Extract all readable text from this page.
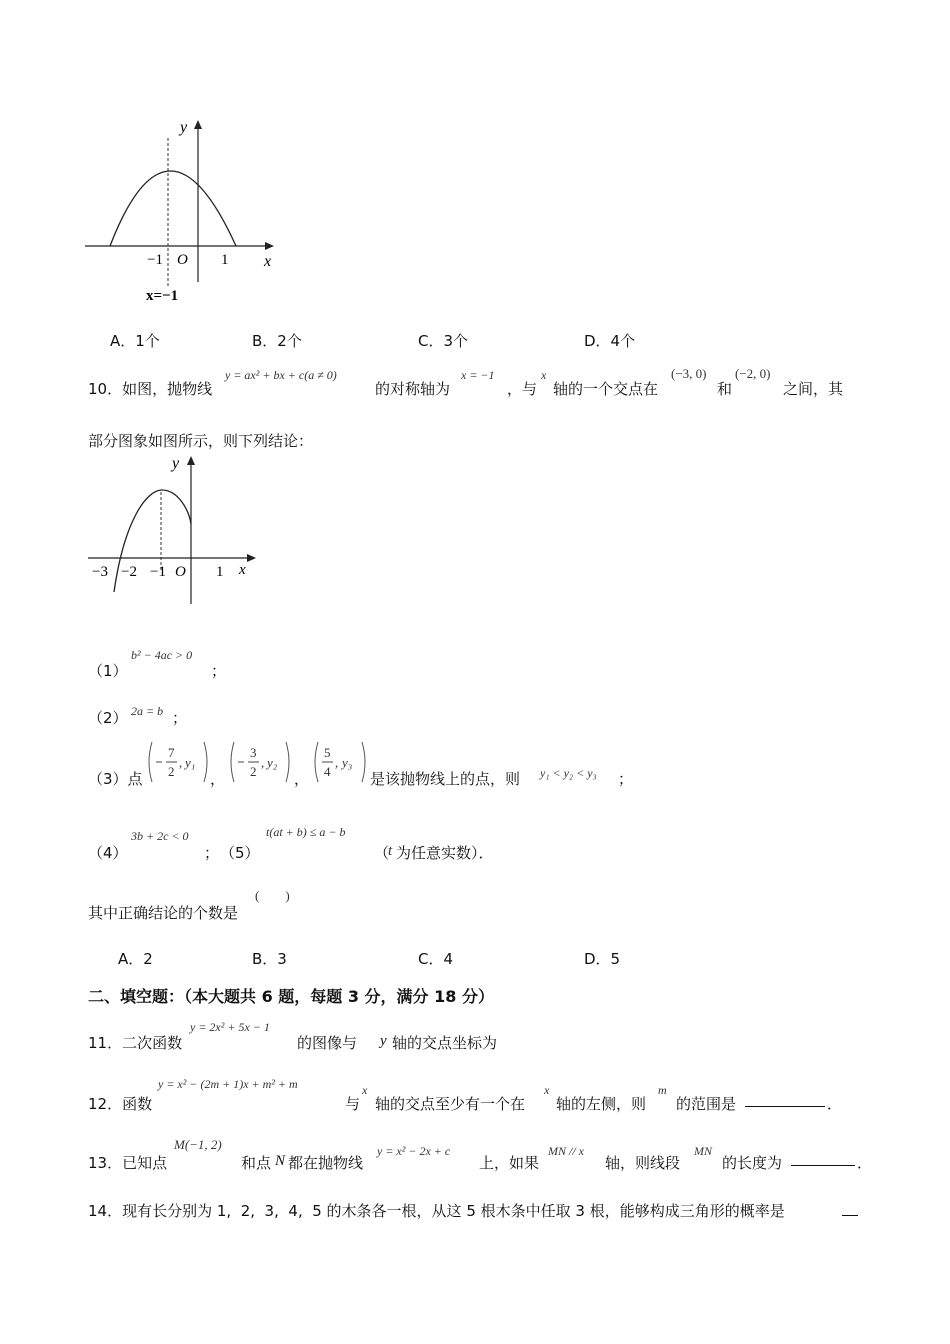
y
x
O
−1	1
x=−1
A．1个	B．2个	C．3个	D．4个
10．如图，抛物线
y = ax² + bx + c(a ≠ 0)
的对称轴为
x = −1
，与
x
轴的一个交点在
(−3, 0)
和
(−2, 0)
之间，其
部分图象如图所示，则下列结论：
y
x
O
−3 −2 −1	1
（1）
b² − 4ac > 0
；
（2） 2a = b ；
（3）点
7
2
, y₁
，
3
2
, y₂
，
5
4
, y₃
是该抛物线上的点，则 y₁ < y₂ < y₃ ；
（4）
3b + 2c < 0
； （5）
t(at + b) ≤ a − b
（
t 为任意实数）．
其中正确结论的个数是
(        )
A．2	B．3	C．4	D．5
二、填空题：（本大题共 6 题，每题 3 分，满分 18 分）
11．二次函数
y = 2x² + 5x − 1
的图像与 y 轴的交点坐标为
12．函数
y = x² − (2m + 1)x + m² + m
与
x
轴的交点至少有一个在
x
轴的左侧，则
m
的范围是	．
13．已知点
M(−1, 2)
和点 N 都在抛物线
y = x² − 2x + c
上，如果
MN // x
轴，则线段
MN
的长度为	．
14．现有长分别为 1,  2,  3,  4,  5 的木条各一根，从这 5 根木条中任取 3 根，能够构成三角形的概率是
